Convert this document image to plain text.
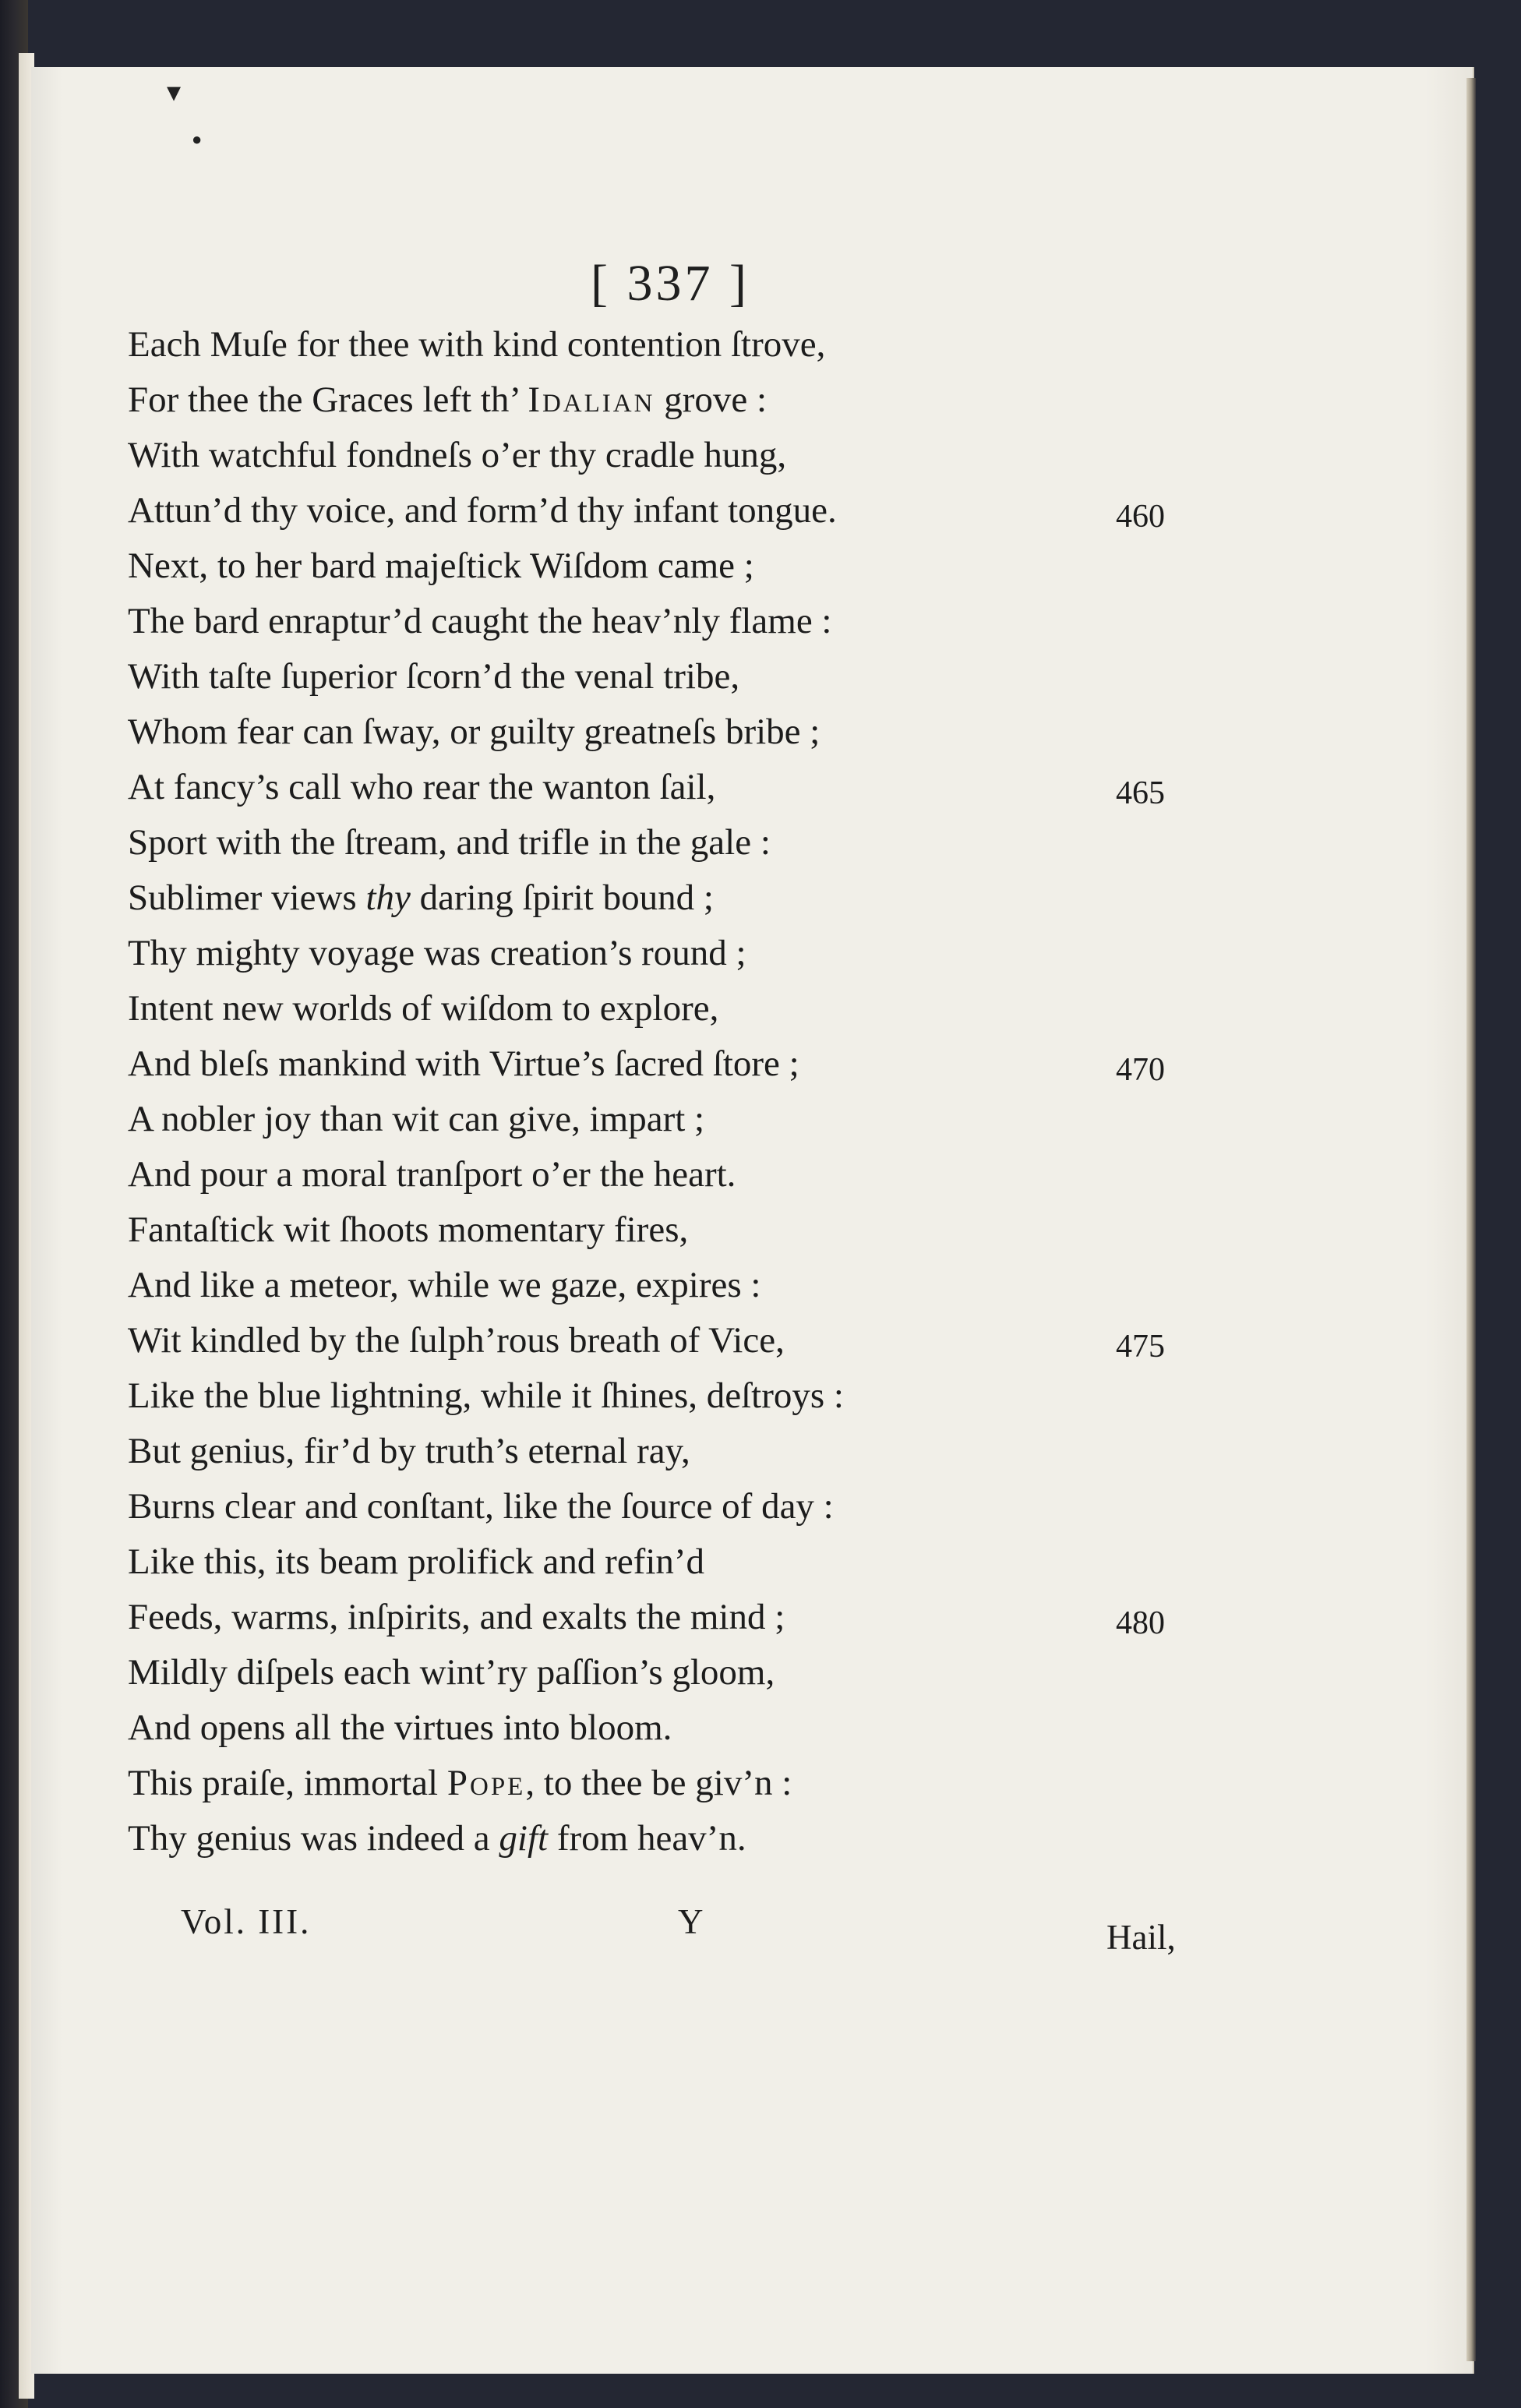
▾
●
[ 337 ]
Each Muſe for thee with kind contention ſtrove,
For thee the Graces left th’ Idalian grove :
With watchful fondneſs o’er thy cradle hung,
Attun’d thy voice, and form’d thy infant tongue.	460
Next, to her bard majeſtick Wiſdom came ;
The bard enraptur’d caught the heav’nly flame :
With taſte ſuperior ſcorn’d the venal tribe,
Whom fear can ſway, or guilty greatneſs bribe ;
At fancy’s call who rear the wanton ſail,	465
Sport with the ſtream, and trifle in the gale :
Sublimer views thy daring ſpirit bound ;
Thy mighty voyage was creation’s round ;
Intent new worlds of wiſdom to explore,
And bleſs mankind with Virtue’s ſacred ſtore ;	470
A nobler joy than wit can give, impart ;
And pour a moral tranſport o’er the heart.
Fantaſtick wit ſhoots momentary fires,
And like a meteor, while we gaze, expires :
Wit kindled by the ſulph’rous breath of Vice,	475
Like the blue lightning, while it ſhines, deſtroys :
But genius, fir’d by truth’s eternal ray,
Burns clear and conſtant, like the ſource of day :
Like this, its beam prolifick and refin’d
Feeds, warms, inſpirits, and exalts the mind ;	480
Mildly diſpels each wint’ry paſſion’s gloom,
And opens all the virtues into bloom.
This praiſe, immortal Pope, to thee be giv’n :
Thy genius was indeed a gift from heav’n.
Vol. III.	Y	Hail,
